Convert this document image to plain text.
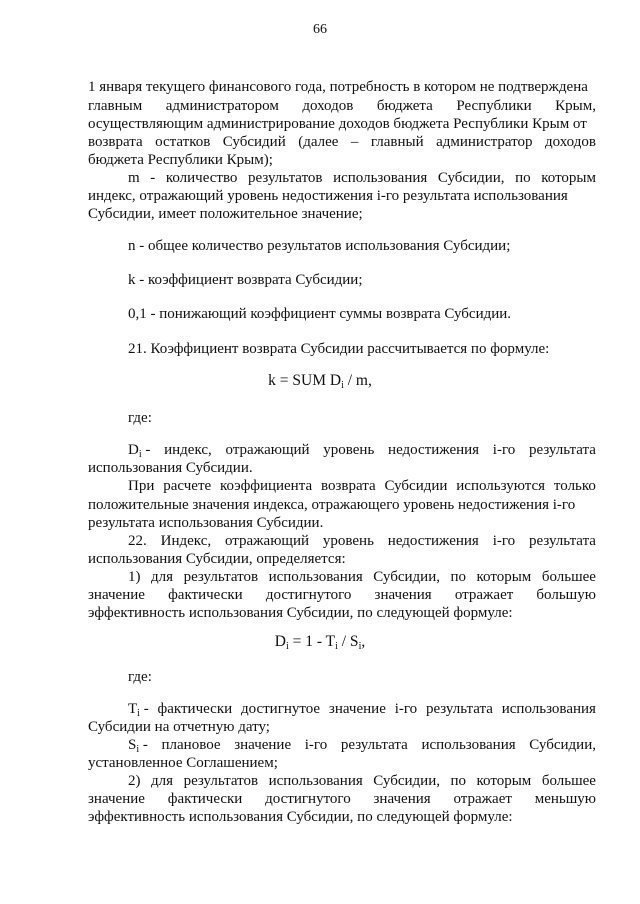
66
1 января текущего финансового года, потребность в котором не подтверждена
главным администратором доходов бюджета Республики Крым,
осуществляющим администрирование доходов бюджета Республики Крым от
возврата остатков Субсидий (далее – главный администратор доходов
бюджета Республики Крым);
m - количество результатов использования Субсидии, по которым
индекс, отражающий уровень недостижения i-го результата использования
Субсидии, имеет положительное значение;
n - общее количество результатов использования Субсидии;
k - коэффициент возврата Субсидии;
0,1 - понижающий коэффициент суммы возврата Субсидии.
21. Коэффициент возврата Субсидии рассчитывается по формуле:
k = SUM $D_i$ / m,
где:
$D_i$ - индекс, отражающий уровень недостижения i-го результата
использования Субсидии.
При расчете коэффициента возврата Субсидии используются только
положительные значения индекса, отражающего уровень недостижения i-го
результата использования Субсидии.
22. Индекс, отражающий уровень недостижения i-го результата
использования Субсидии, определяется:
1) для результатов использования Субсидии, по которым большее
значение фактически достигнутого значения отражает большую
эффективность использования Субсидии, по следующей формуле:
$D_i = 1 - T_i / S_i$,
где:
$T_i$ - фактически достигнутое значение i-го результата использования
Субсидии на отчетную дату;
$S_i$ - плановое значение i-го результата использования Субсидии,
установленное Соглашением;
2) для результатов использования Субсидии, по которым большее
значение фактически достигнутого значения отражает меньшую
эффективность использования Субсидии, по следующей формуле:
